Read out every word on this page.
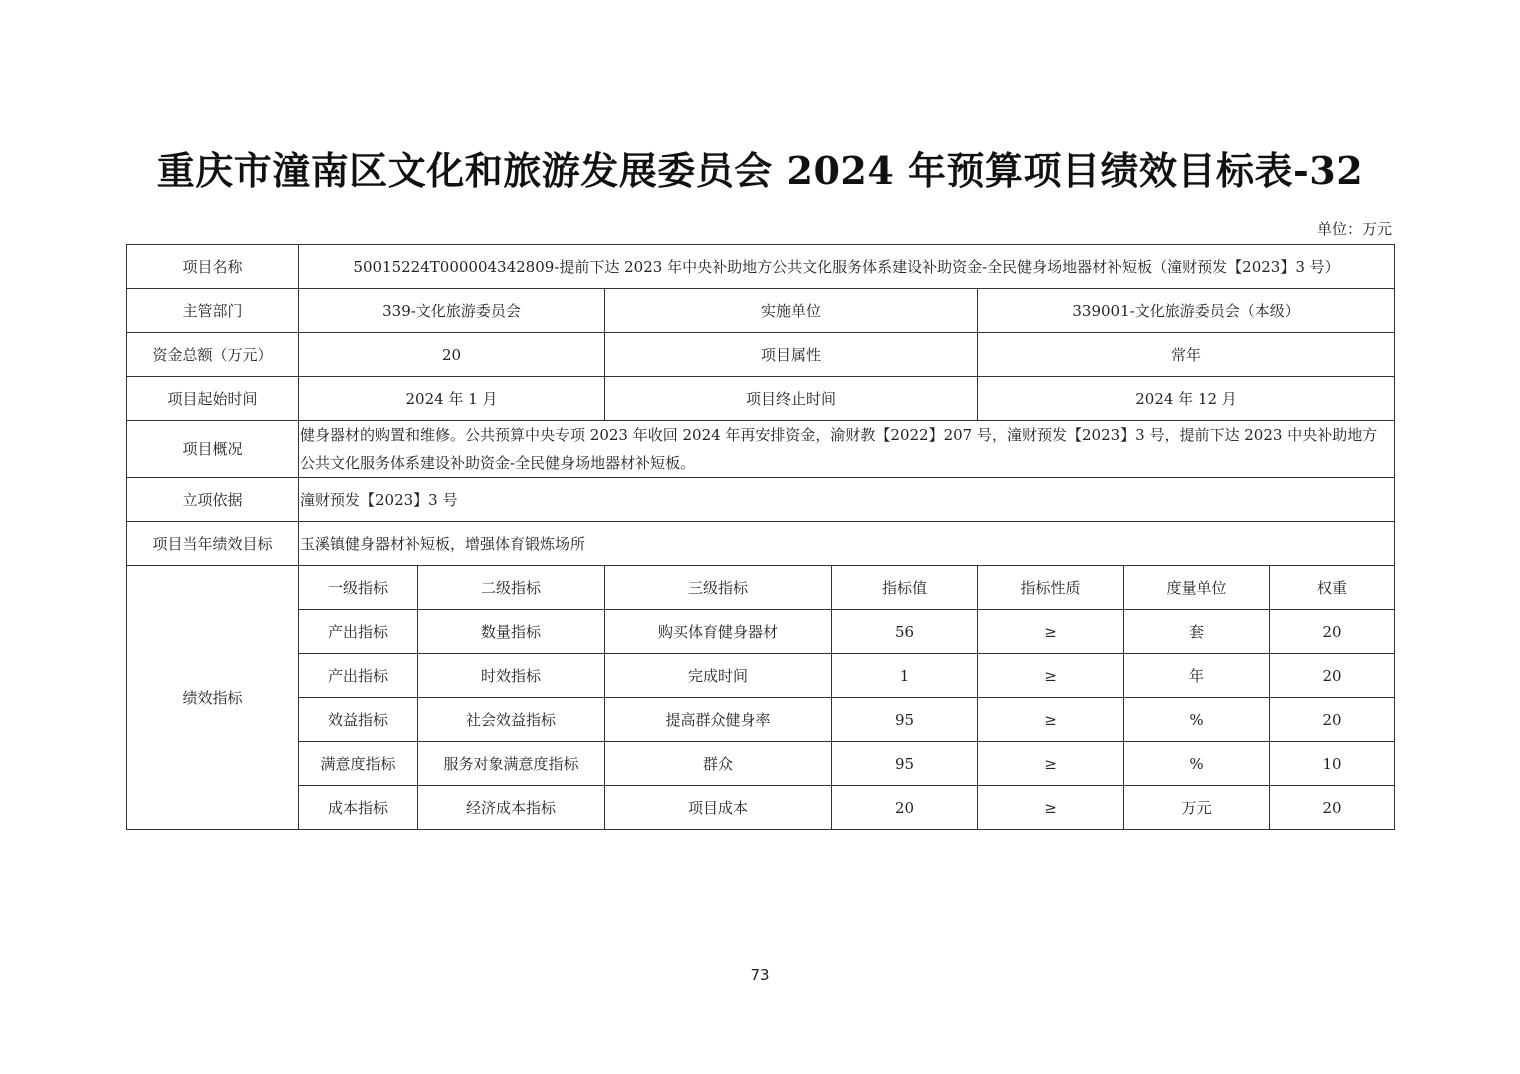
重庆市潼南区文化和旅游发展委员会 2024 年预算项目绩效目标表-32
单位：万元
项目名称	50015224T000004342809-提前下达 2023 年中央补助地方公共文化服务体系建设补助资金-全民健身场地器材补短板（潼财预发【2023】3 号）						
主管部门	339-文化旅游委员会		实施单位		339001-文化旅游委员会（本级）		
资金总额（万元）	20		项目属性		常年		
项目起始时间	2024 年 1 月		项目终止时间		2024 年 12 月		
项目概况	健身器材的购置和维修。公共预算中央专项 2023 年收回 2024 年再安排资金，渝财教【2022】207 号，潼财预发【2023】3 号，提前下达 2023 中央补助地方公共文化服务体系建设补助资金-全民健身场地器材补短板。						
立项依据	潼财预发【2023】3 号						
项目当年绩效目标	玉溪镇健身器材补短板，增强体育锻炼场所						
绩效指标	一级指标	二级指标	三级指标	指标值	指标性质	度量单位	权重
	产出指标	数量指标	购买体育健身器材	56	≥	套	20
	产出指标	时效指标	完成时间	1	≥	年	20
	效益指标	社会效益指标	提高群众健身率	95	≥	%	20
	满意度指标	服务对象满意度指标	群众	95	≥	%	10
	成本指标	经济成本指标	项目成本	20	≥	万元	20
73
